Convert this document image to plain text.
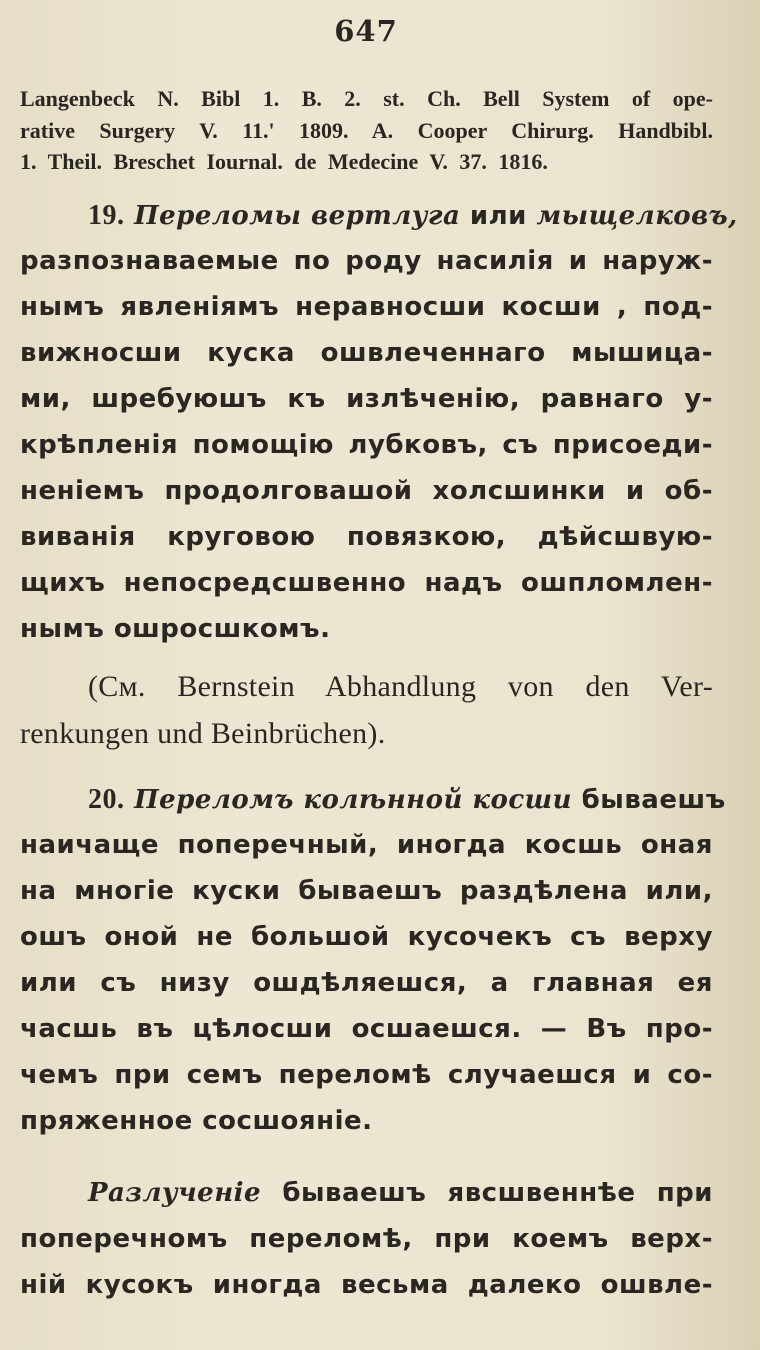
647
Langenbeck N. Bibl 1. B. 2. st. Ch. Bell System of ope-
rative Surgery V. 11.' 1809. A. Cooper Chirurg. Handbibl.
1. Theil. Breschet Iournal. de Medecine V. 37. 1816.
19. Переломы вертлуга или мыщелковъ,
разпознаваемые по роду насилія и наруж-
нымъ явленіямъ неравносши косши , под-
вижносши куска ошвлеченнаго мышица-
ми, шребуюшъ къ излѣченію, равнаго у-
крѣпленія помощію лубковъ, съ присоеди-
неніемъ продолговашой холсшинки и об-
виванія круговою повязкою, дѣйсшвую-
щихъ непосредсшвенно надъ ошпломлен-
нымъ ошроcшкомъ.
(См. Bernstein Abhandlung von den Ver-
renkungen und Beinbrüchen).
20. Переломъ колѣнной косши бываешъ
наичаще поперечный, иногда косшь оная
на многіе куски бываешъ раздѣлена или,
ошъ оной не большой кусочекъ съ верху
или съ низу ошдѣляешся, а главная ея
часшь въ цѣлосши осшаешся. — Въ про-
чемъ при семъ переломѣ случаешся и со-
пряженное сосшояніе.
Разлученіе бываешъ явсшвеннѣе при
поперечномъ переломѣ, при коемъ верх-
ній кусокъ иногда весьма далеко ошвле-
